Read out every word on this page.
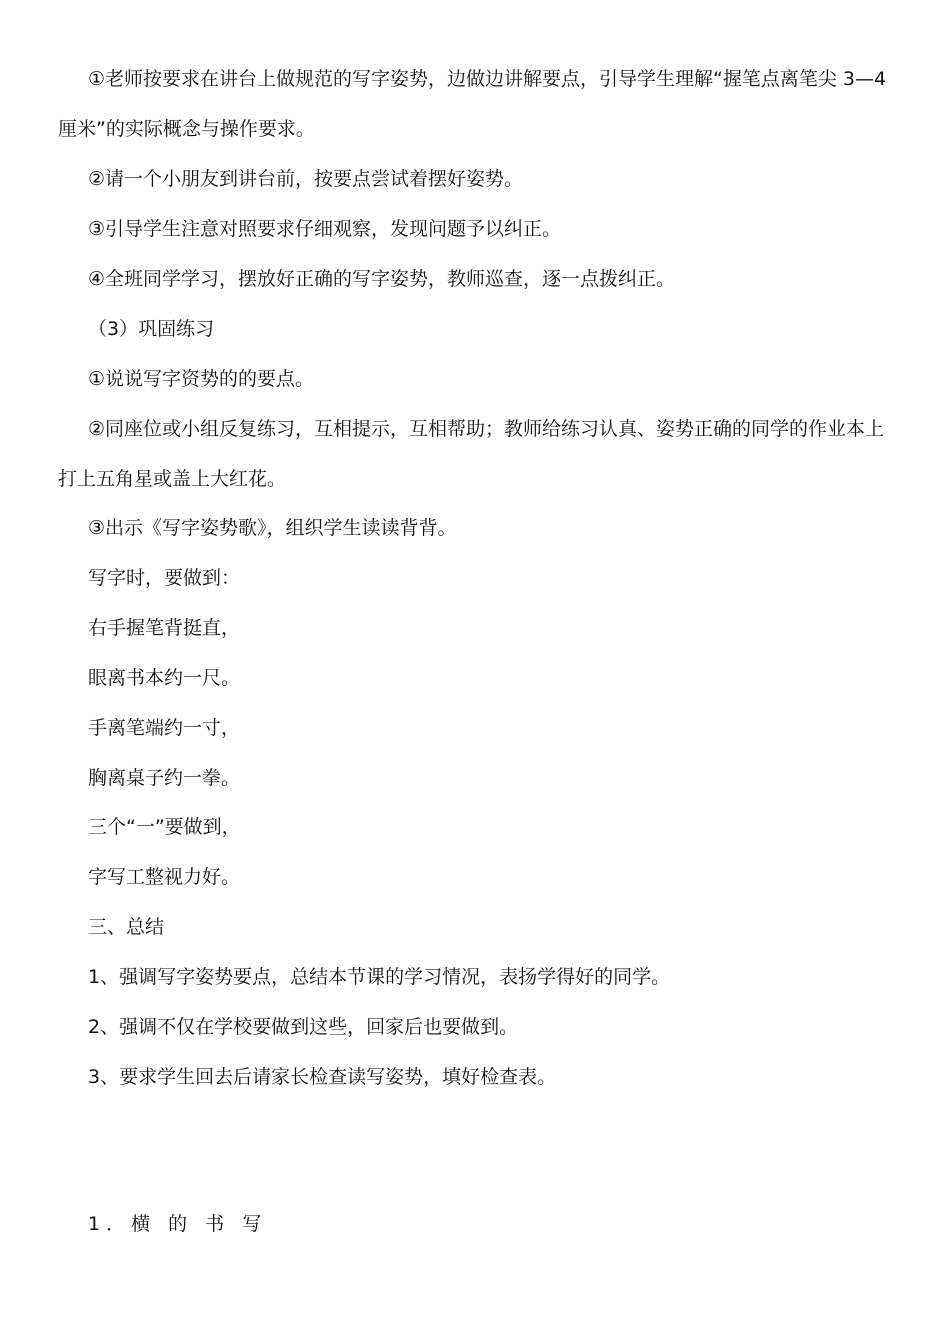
①老师按要求在讲台上做规范的写字姿势，边做边讲解要点，引导学生理解“握笔点离笔尖 3—4 厘米”的实际概念与操作要求。

②请一个小朋友到讲台前，按要点尝试着摆好姿势。

③引导学生注意对照要求仔细观察，发现问题予以纠正。

④全班同学学习，摆放好正确的写字姿势，教师巡查，逐一点拨纠正。

（3）巩固练习

①说说写字资势的的要点。

②同座位或小组反复练习，互相提示，互相帮助；教师给练习认真、姿势正确的同学的作业本上打上五角星或盖上大红花。

③出示《写字姿势歌》，组织学生读读背背。

写字时，要做到：

右手握笔背挺直，

眼离书本约一尺。

手离笔端约一寸，

胸离桌子约一拳。

三个“一”要做到，

字写工整视力好。

三、总结

1、强调写字姿势要点，总结本节课的学习情况，表扬学得好的同学。

2、强调不仅在学校要做到这些，回家后也要做到。

3、要求学生回去后请家长检查读写姿势，填好检查表。

1．横 的 书 写
